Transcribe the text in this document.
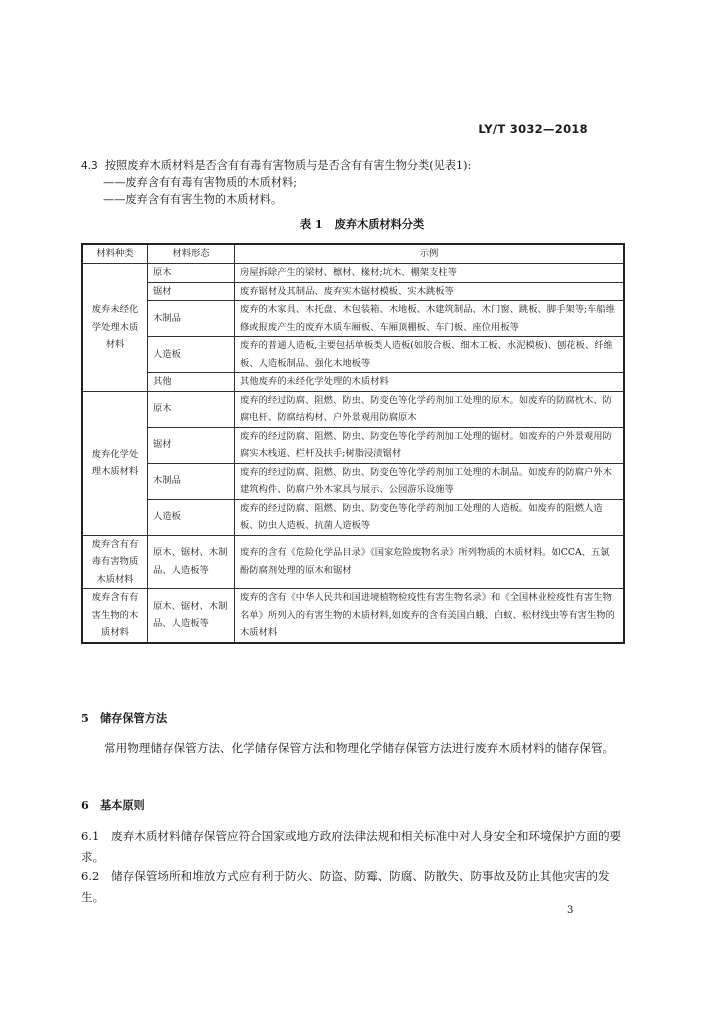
LY/T 3032—2018
4.3 按照废弃木质材料是否含有有毒有害物质与是否含有有害生物分类(见表1):
——废弃含有有毒有害物质的木质材料;
——废弃含有有害生物的木质材料。
表 1 废弃木质材料分类
材料种类	材料形态	示例
废弃未经化学处理木质材料	原木	房屋拆除产生的梁材、檩材、椽材;坑木、棚架支柱等
	锯材	废弃锯材及其制品、废弃实木锯材模板、实木跳板等
	木制品	废弃的木家具、木托盘、木包装箱、木地板、木建筑制品、木门窗、跳板、脚手架等;车船维修或报废产生的废弃木质车厢板、车厢顶棚板、车门板、座位用板等
	人造板	废弃的普通人造板,主要包括单板类人造板(如胶合板、细木工板、水泥模板)、刨花板、纤维板、人造板制品、强化木地板等
	其他	其他废弃的未经化学处理的木质材料
废弃化学处理木质材料	原木	废弃的经过防腐、阻燃、防虫、防变色等化学药剂加工处理的原木。如废弃的防腐枕木、防腐电杆、防腐结构材、户外景观用防腐原木
	锯材	废弃的经过防腐、阻燃、防虫、防变色等化学药剂加工处理的锯材。如废弃的户外景观用防腐实木栈道、栏杆及扶手;树脂浸渍锯材
	木制品	废弃的经过防腐、阻燃、防虫、防变色等化学药剂加工处理的木制品。如废弃的防腐户外木建筑构件、防腐户外木家具与展示、公园游乐设施等
	人造板	废弃的经过防腐、阻燃、防虫、防变色等化学药剂加工处理的人造板。如废弃的阻燃人造板、防虫人造板、抗菌人造板等
废弃含有有毒有害物质木质材料	原木、锯材、木制品、人造板等	废弃的含有《危险化学品目录》《国家危险废物名录》所列物质的木质材料。如CCA、五氯酚防腐剂处理的原木和锯材
废弃含有有害生物的木质材料	原木、锯材、木制品、人造板等	废弃的含有《中华人民共和国进境植物检疫性有害生物名录》和《全国林业检疫性有害生物名单》所列入的有害生物的木质材料,如废弃的含有美国白蛾、白蚁、松材线虫等有害生物的木质材料
5　储存保管方法
常用物理储存保管方法、化学储存保管方法和物理化学储存保管方法进行废弃木质材料的储存保管。
6　基本原则
6.1　废弃木质材料储存保管应符合国家或地方政府法律法规和相关标准中对人身安全和环境保护方面的要求。
6.2　储存保管场所和堆放方式应有利于防火、防盗、防霉、防腐、防散失、防事故及防止其他灾害的发生。
3
